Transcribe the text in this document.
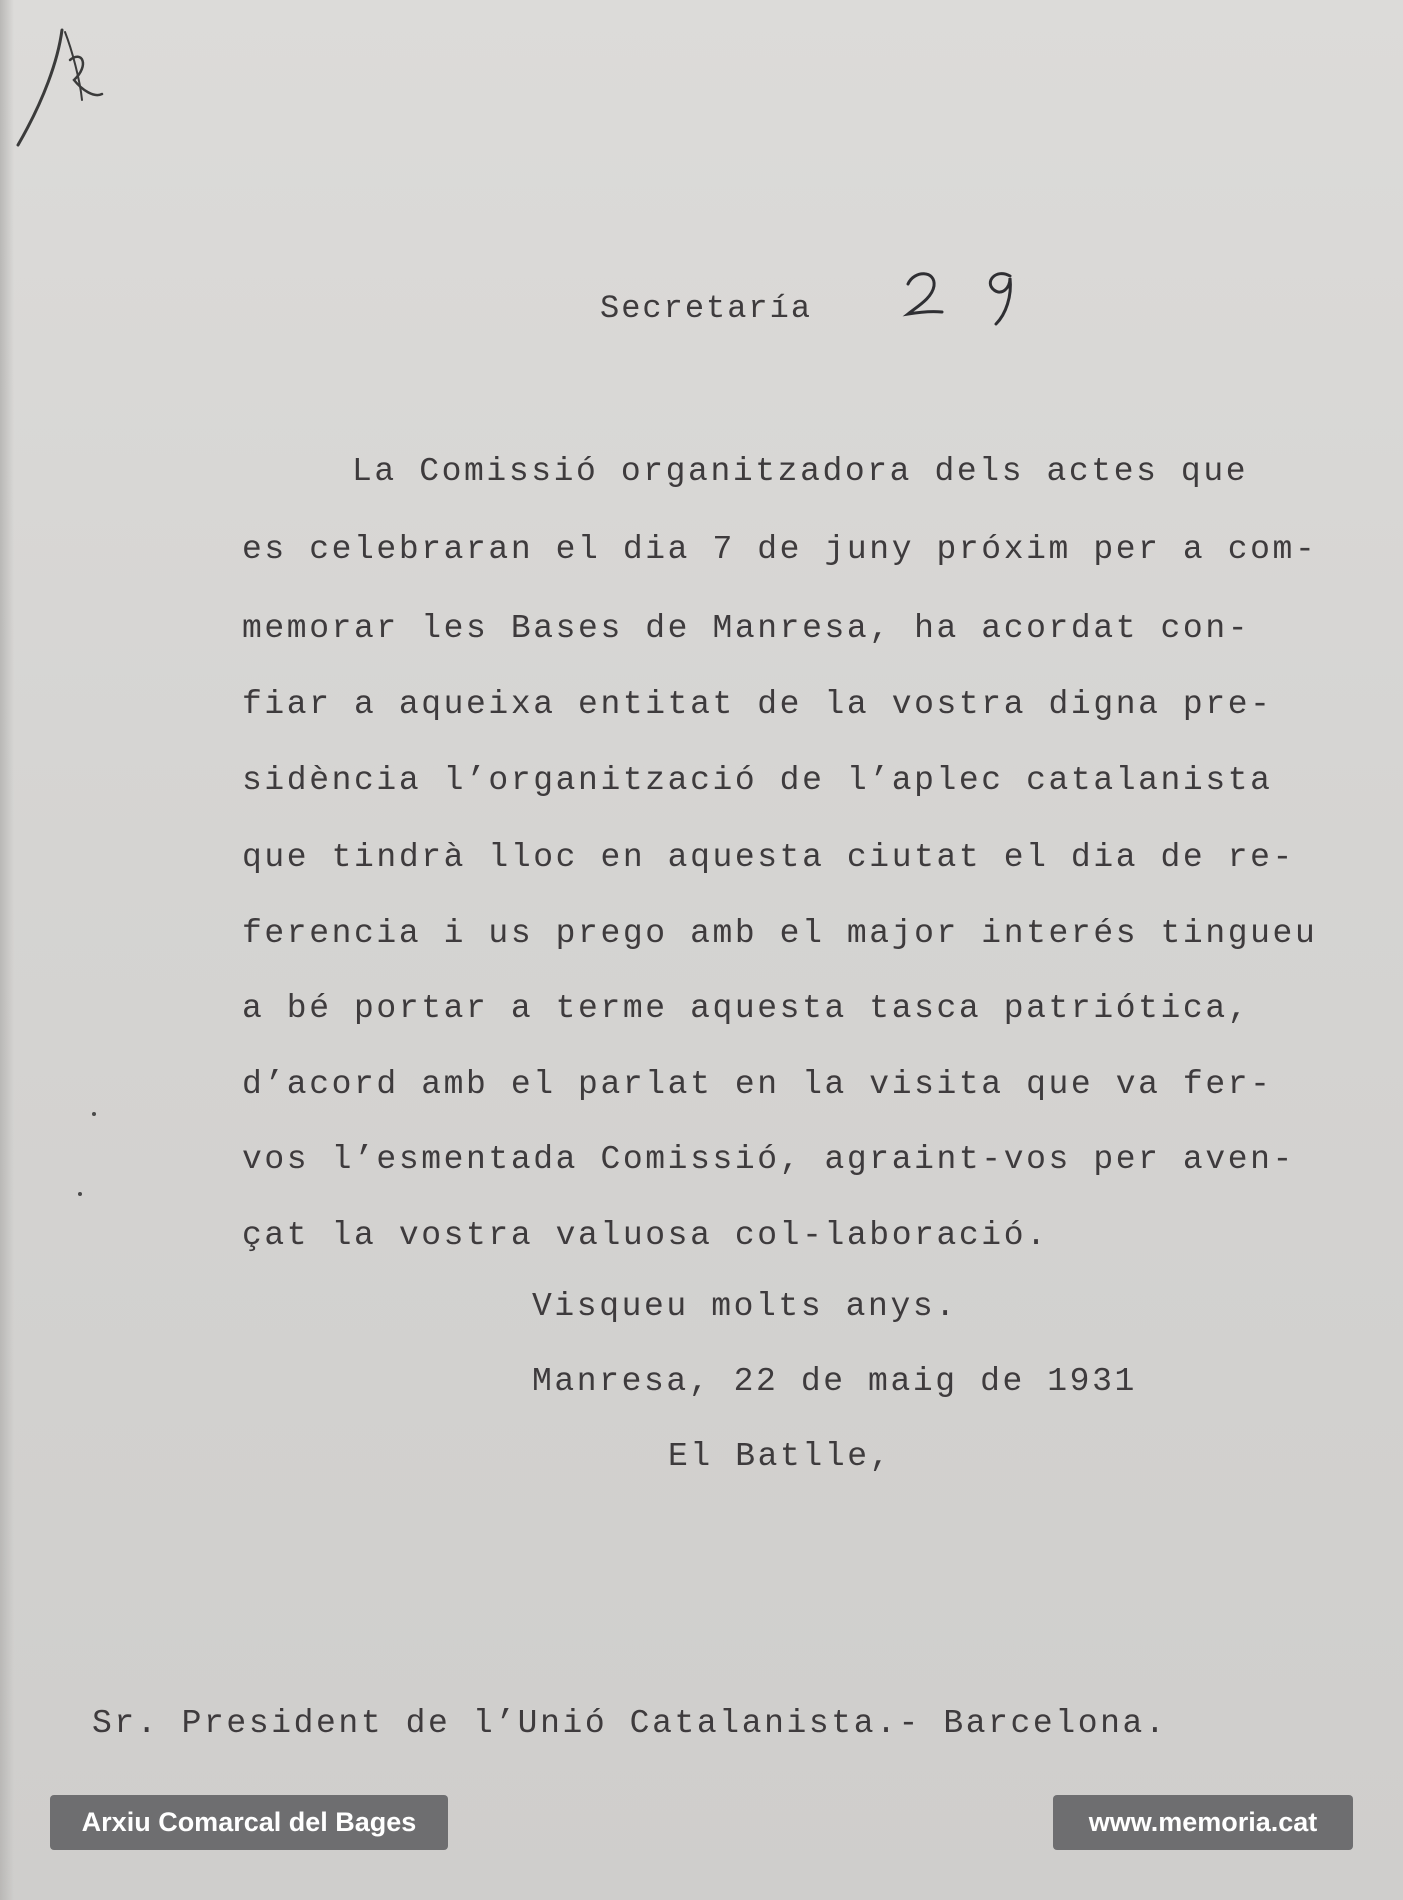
Secretaría
La Comissió organitzadora dels actes que
es celebraran el dia 7 de juny próxim per a com-
memorar les Bases de Manresa, ha acordat con-
fiar a aqueixa entitat de la vostra digna pre-
sidència l’organització de l’aplec catalanista
que tindrà lloc en aquesta ciutat el dia de re-
ferencia i us prego amb el major interés tingueu
a bé portar a terme aquesta tasca patriótica,
d’acord amb el parlat en la visita que va fer-
vos l’esmentada Comissió, agraint-vos per aven-
çat la vostra valuosa col-laboració.
Visqueu molts anys.
Manresa, 22 de maig de 1931
El Batlle,
Sr. President de l’Unió Catalanista.- Barcelona.
Arxiu Comarcal del Bages	www.memoria.cat
